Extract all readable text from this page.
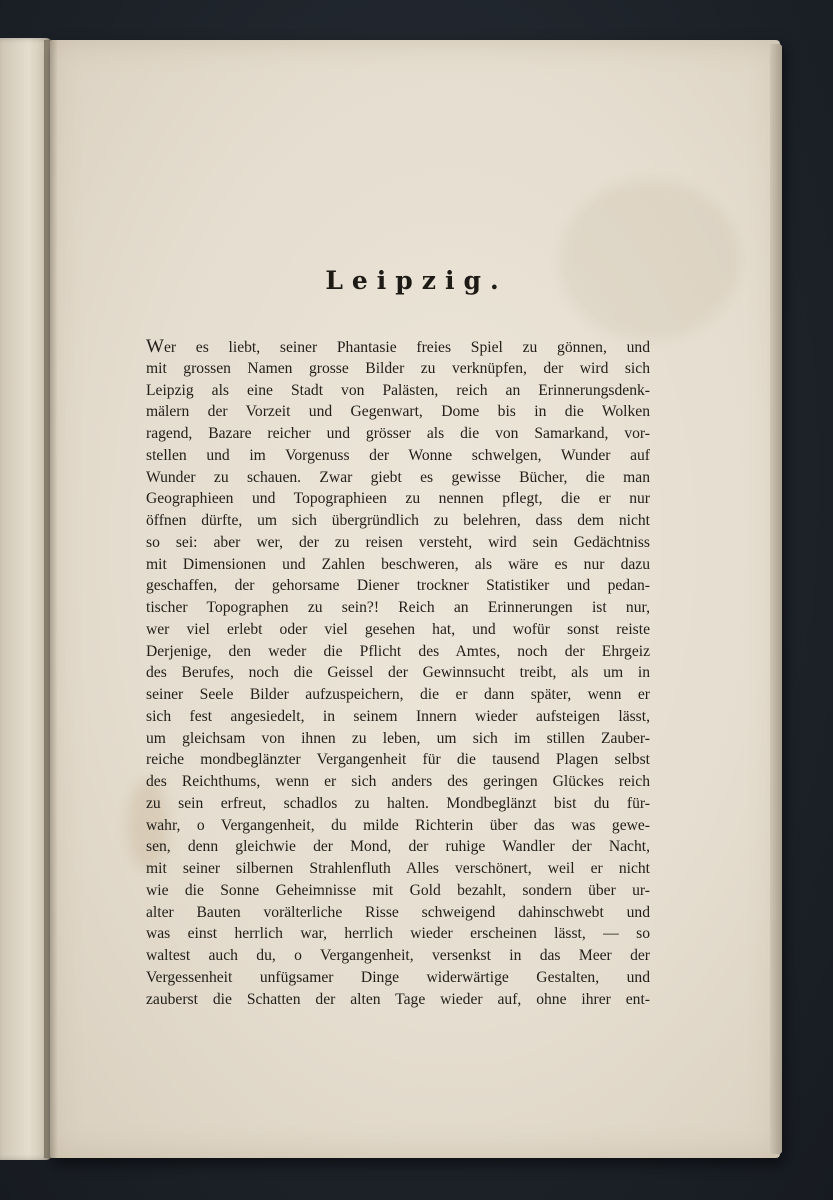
Leipzig.
Wer es liebt, seiner Phantasie freies Spiel zu gönnen, und
mit grossen Namen grosse Bilder zu verknüpfen, der wird sich
Leipzig als eine Stadt von Palästen, reich an Erinnerungsdenk-
mälern der Vorzeit und Gegenwart, Dome bis in die Wolken
ragend, Bazare reicher und grösser als die von Samarkand, vor-
stellen und im Vorgenuss der Wonne schwelgen, Wunder auf
Wunder zu schauen. Zwar giebt es gewisse Bücher, die man
Geographieen und Topographieen zu nennen pflegt, die er nur
öffnen dürfte, um sich übergründlich zu belehren, dass dem nicht
so sei: aber wer, der zu reisen versteht, wird sein Gedächtniss
mit Dimensionen und Zahlen beschweren, als wäre es nur dazu
geschaffen, der gehorsame Diener trockner Statistiker und pedan-
tischer Topographen zu sein?! Reich an Erinnerungen ist nur,
wer viel erlebt oder viel gesehen hat, und wofür sonst reiste
Derjenige, den weder die Pflicht des Amtes, noch der Ehrgeiz
des Berufes, noch die Geissel der Gewinnsucht treibt, als um in
seiner Seele Bilder aufzuspeichern, die er dann später, wenn er
sich fest angesiedelt, in seinem Innern wieder aufsteigen lässt,
um gleichsam von ihnen zu leben, um sich im stillen Zauber-
reiche mondbeglänzter Vergangenheit für die tausend Plagen selbst
des Reichthums, wenn er sich anders des geringen Glückes reich
zu sein erfreut, schadlos zu halten. Mondbeglänzt bist du für-
wahr, o Vergangenheit, du milde Richterin über das was gewe-
sen, denn gleichwie der Mond, der ruhige Wandler der Nacht,
mit seiner silbernen Strahlenfluth Alles verschönert, weil er nicht
wie die Sonne Geheimnisse mit Gold bezahlt, sondern über ur-
alter Bauten vorälterliche Risse schweigend dahinschwebt und
was einst herrlich war, herrlich wieder erscheinen lässt, — so
waltest auch du, o Vergangenheit, versenkst in das Meer der
Vergessenheit unfügsamer Dinge widerwärtige Gestalten, und
zauberst die Schatten der alten Tage wieder auf, ohne ihrer ent-
